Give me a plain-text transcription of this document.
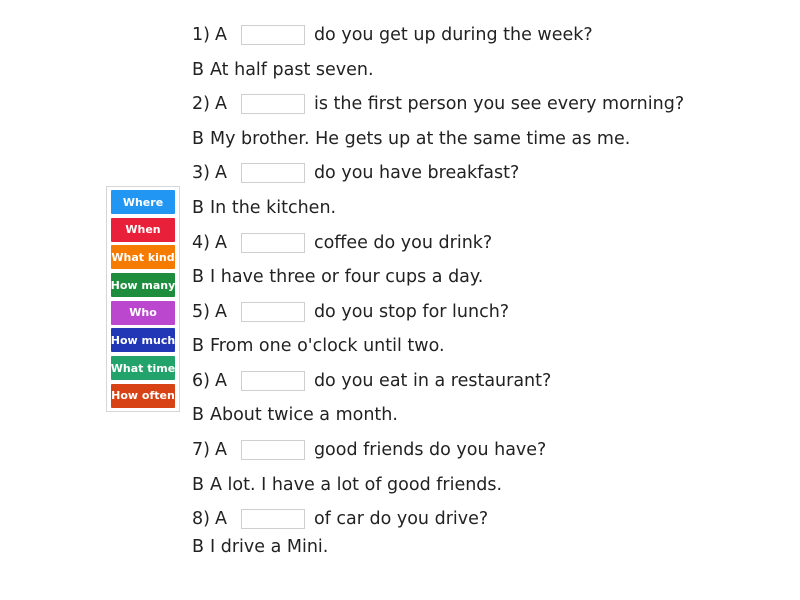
Where
When
What kind
How many
Who
How much
What time
How often
1) A	do you get up during the week?
B At half past seven.
2) A	is the first person you see every morning?
B My brother. He gets up at the same time as me.
3) A	do you have breakfast?
B In the kitchen.
4) A	coffee do you drink?
B I have three or four cups a day.
5) A	do you stop for lunch?
B From one o'clock until two.
6) A	do you eat in a restaurant?
B About twice a month.
7) A	good friends do you have?
B A lot. I have a lot of good friends.
8) A	of car do you drive?
B I drive a Mini.
